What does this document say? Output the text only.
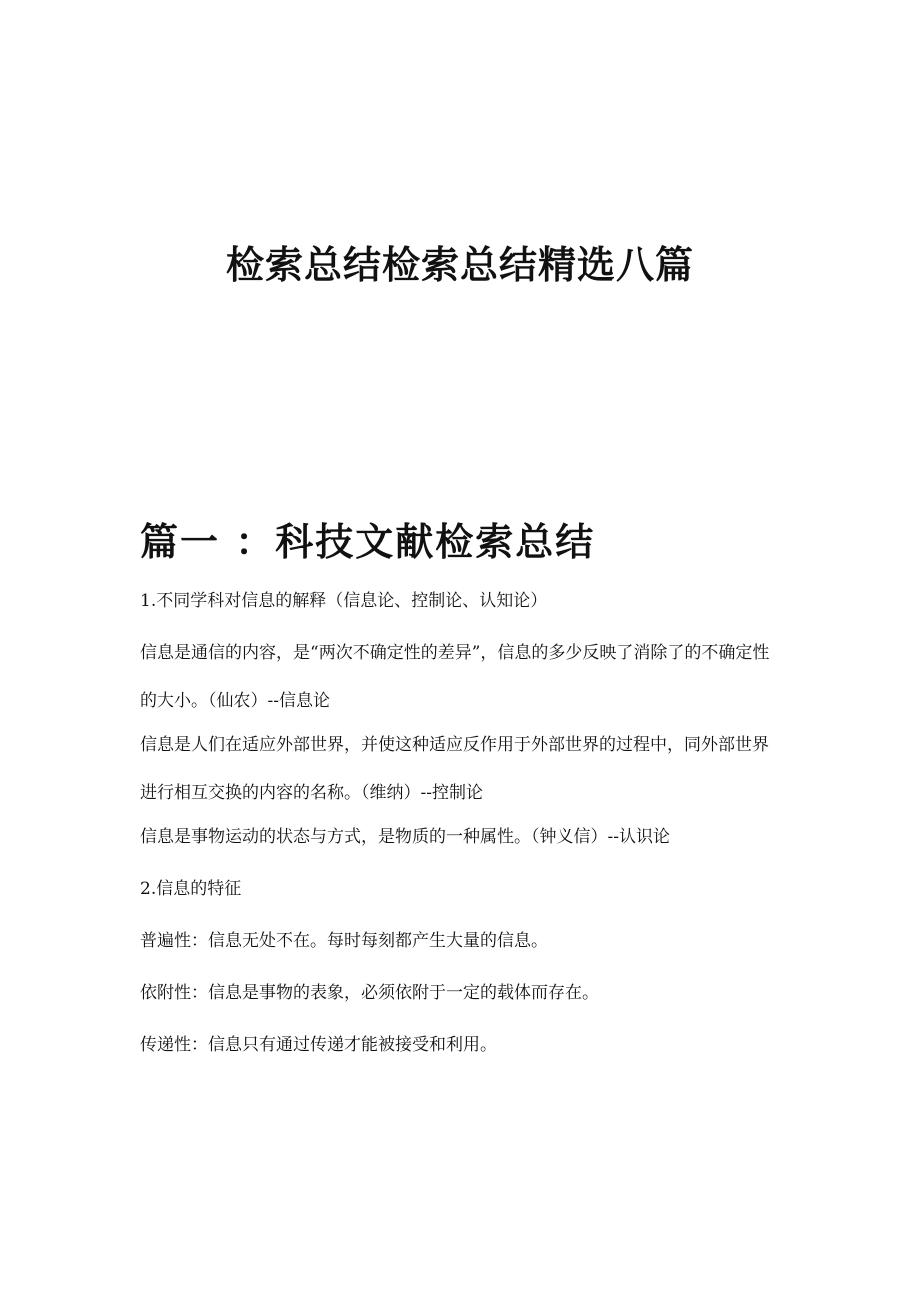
检索总结检索总结精选八篇
篇一 ：科技文献检索总结

1.不同学科对信息的解释（信息论、控制论、认知论）

信息是通信的内容，是“两次不确定性的差异”，信息的多少反映了消除了的不确定性的大小。（仙农）--信息论

信息是人们在适应外部世界，并使这种适应反作用于外部世界的过程中，同外部世界进行相互交换的内容的名称。（维纳）--控制论

信息是事物运动的状态与方式，是物质的一种属性。（钟义信）--认识论

2.信息的特征

普遍性：信息无处不在。每时每刻都产生大量的信息。

依附性：信息是事物的表象，必须依附于一定的载体而存在。

传递性：信息只有通过传递才能被接受和利用。
